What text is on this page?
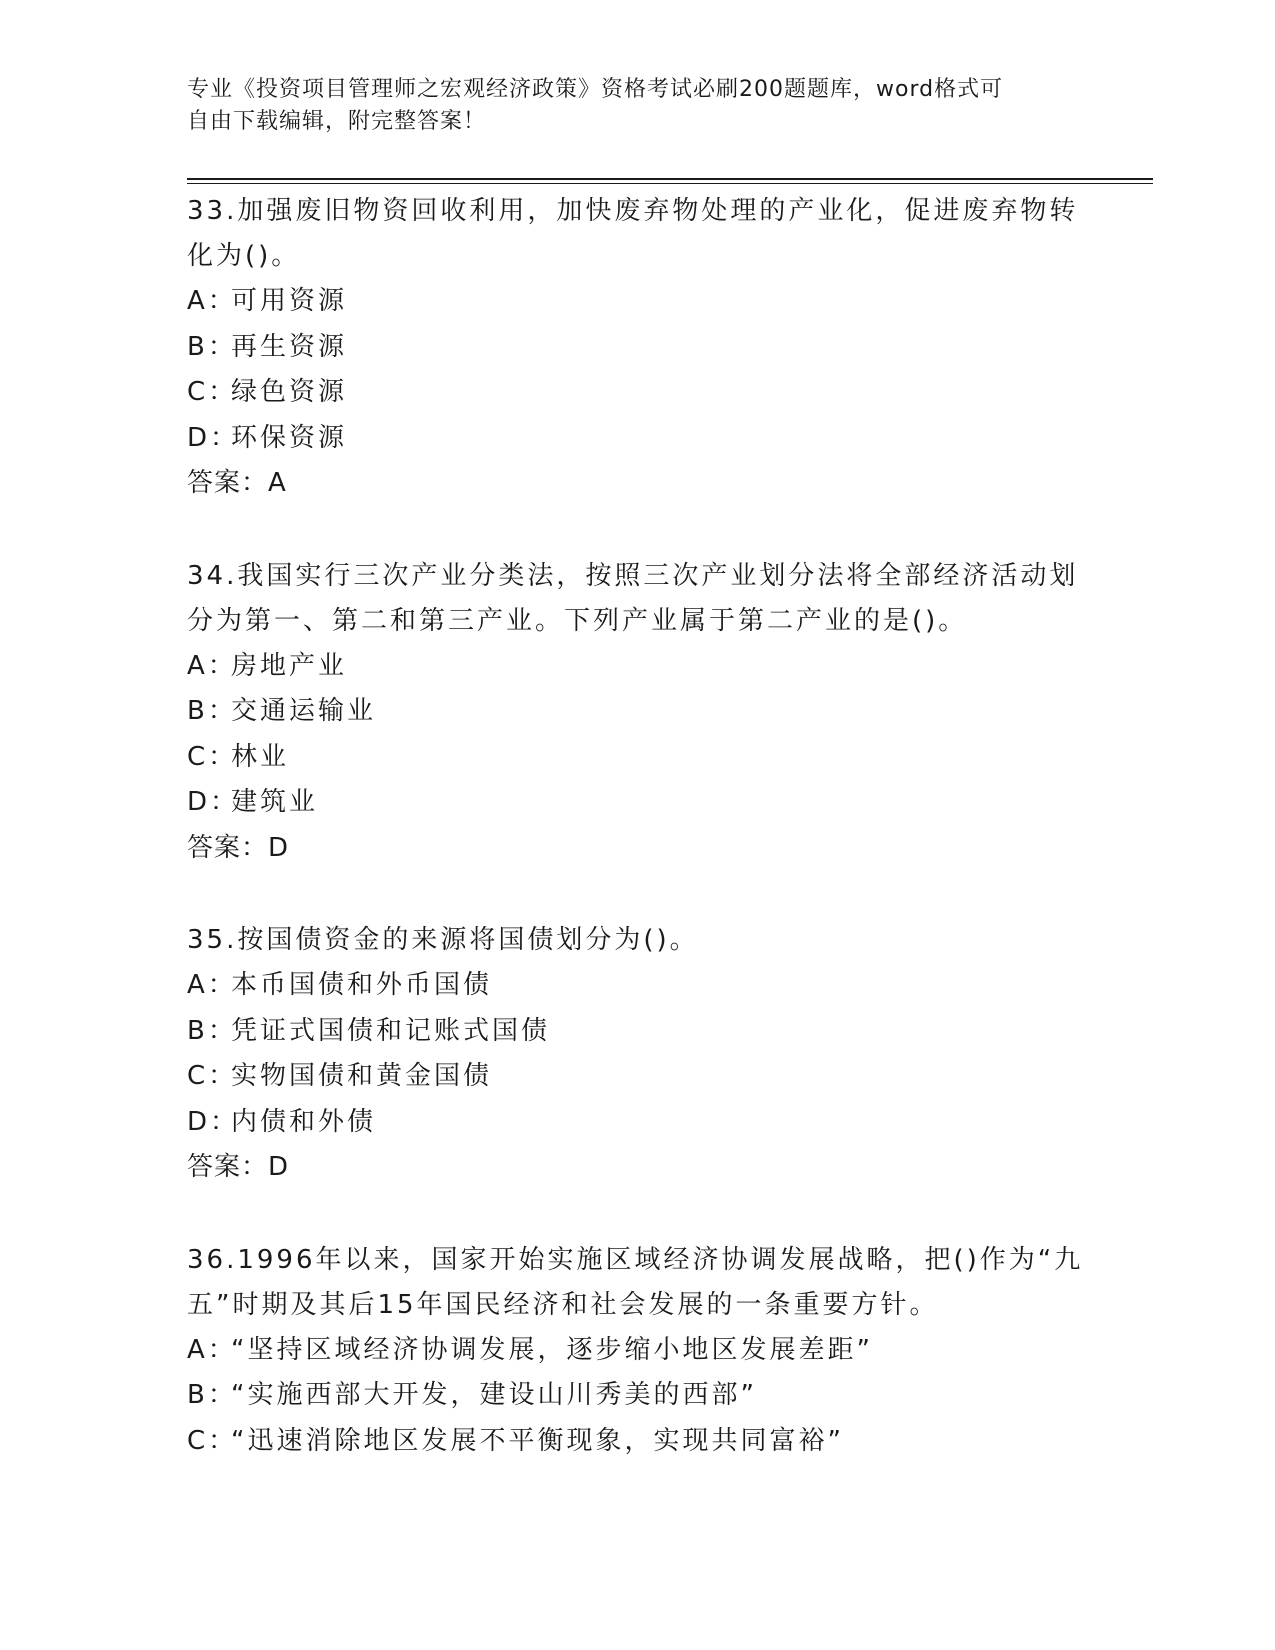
专业《投资项目管理师之宏观经济政策》资格考试必刷200题题库，word格式可
自由下载编辑，附完整答案！

33.加强废旧物资回收利用，加快废弃物处理的产业化，促进废弃物转
化为()。

A：可用资源

B：再生资源

C：绿色资源

D：环保资源

答案：A

34.我国实行三次产业分类法，按照三次产业划分法将全部经济活动划
分为第一、第二和第三产业。下列产业属于第二产业的是()。

A：房地产业

B：交通运输业

C：林业

D：建筑业

答案：D

35.按国债资金的来源将国债划分为()。

A：本币国债和外币国债

B：凭证式国债和记账式国债

C：实物国债和黄金国债

D：内债和外债

答案：D

36.1996年以来，国家开始实施区域经济协调发展战略，把()作为“九
五”时期及其后15年国民经济和社会发展的一条重要方针。

A：“坚持区域经济协调发展，逐步缩小地区发展差距”

B：“实施西部大开发，建设山川秀美的西部”

C：“迅速消除地区发展不平衡现象，实现共同富裕”
